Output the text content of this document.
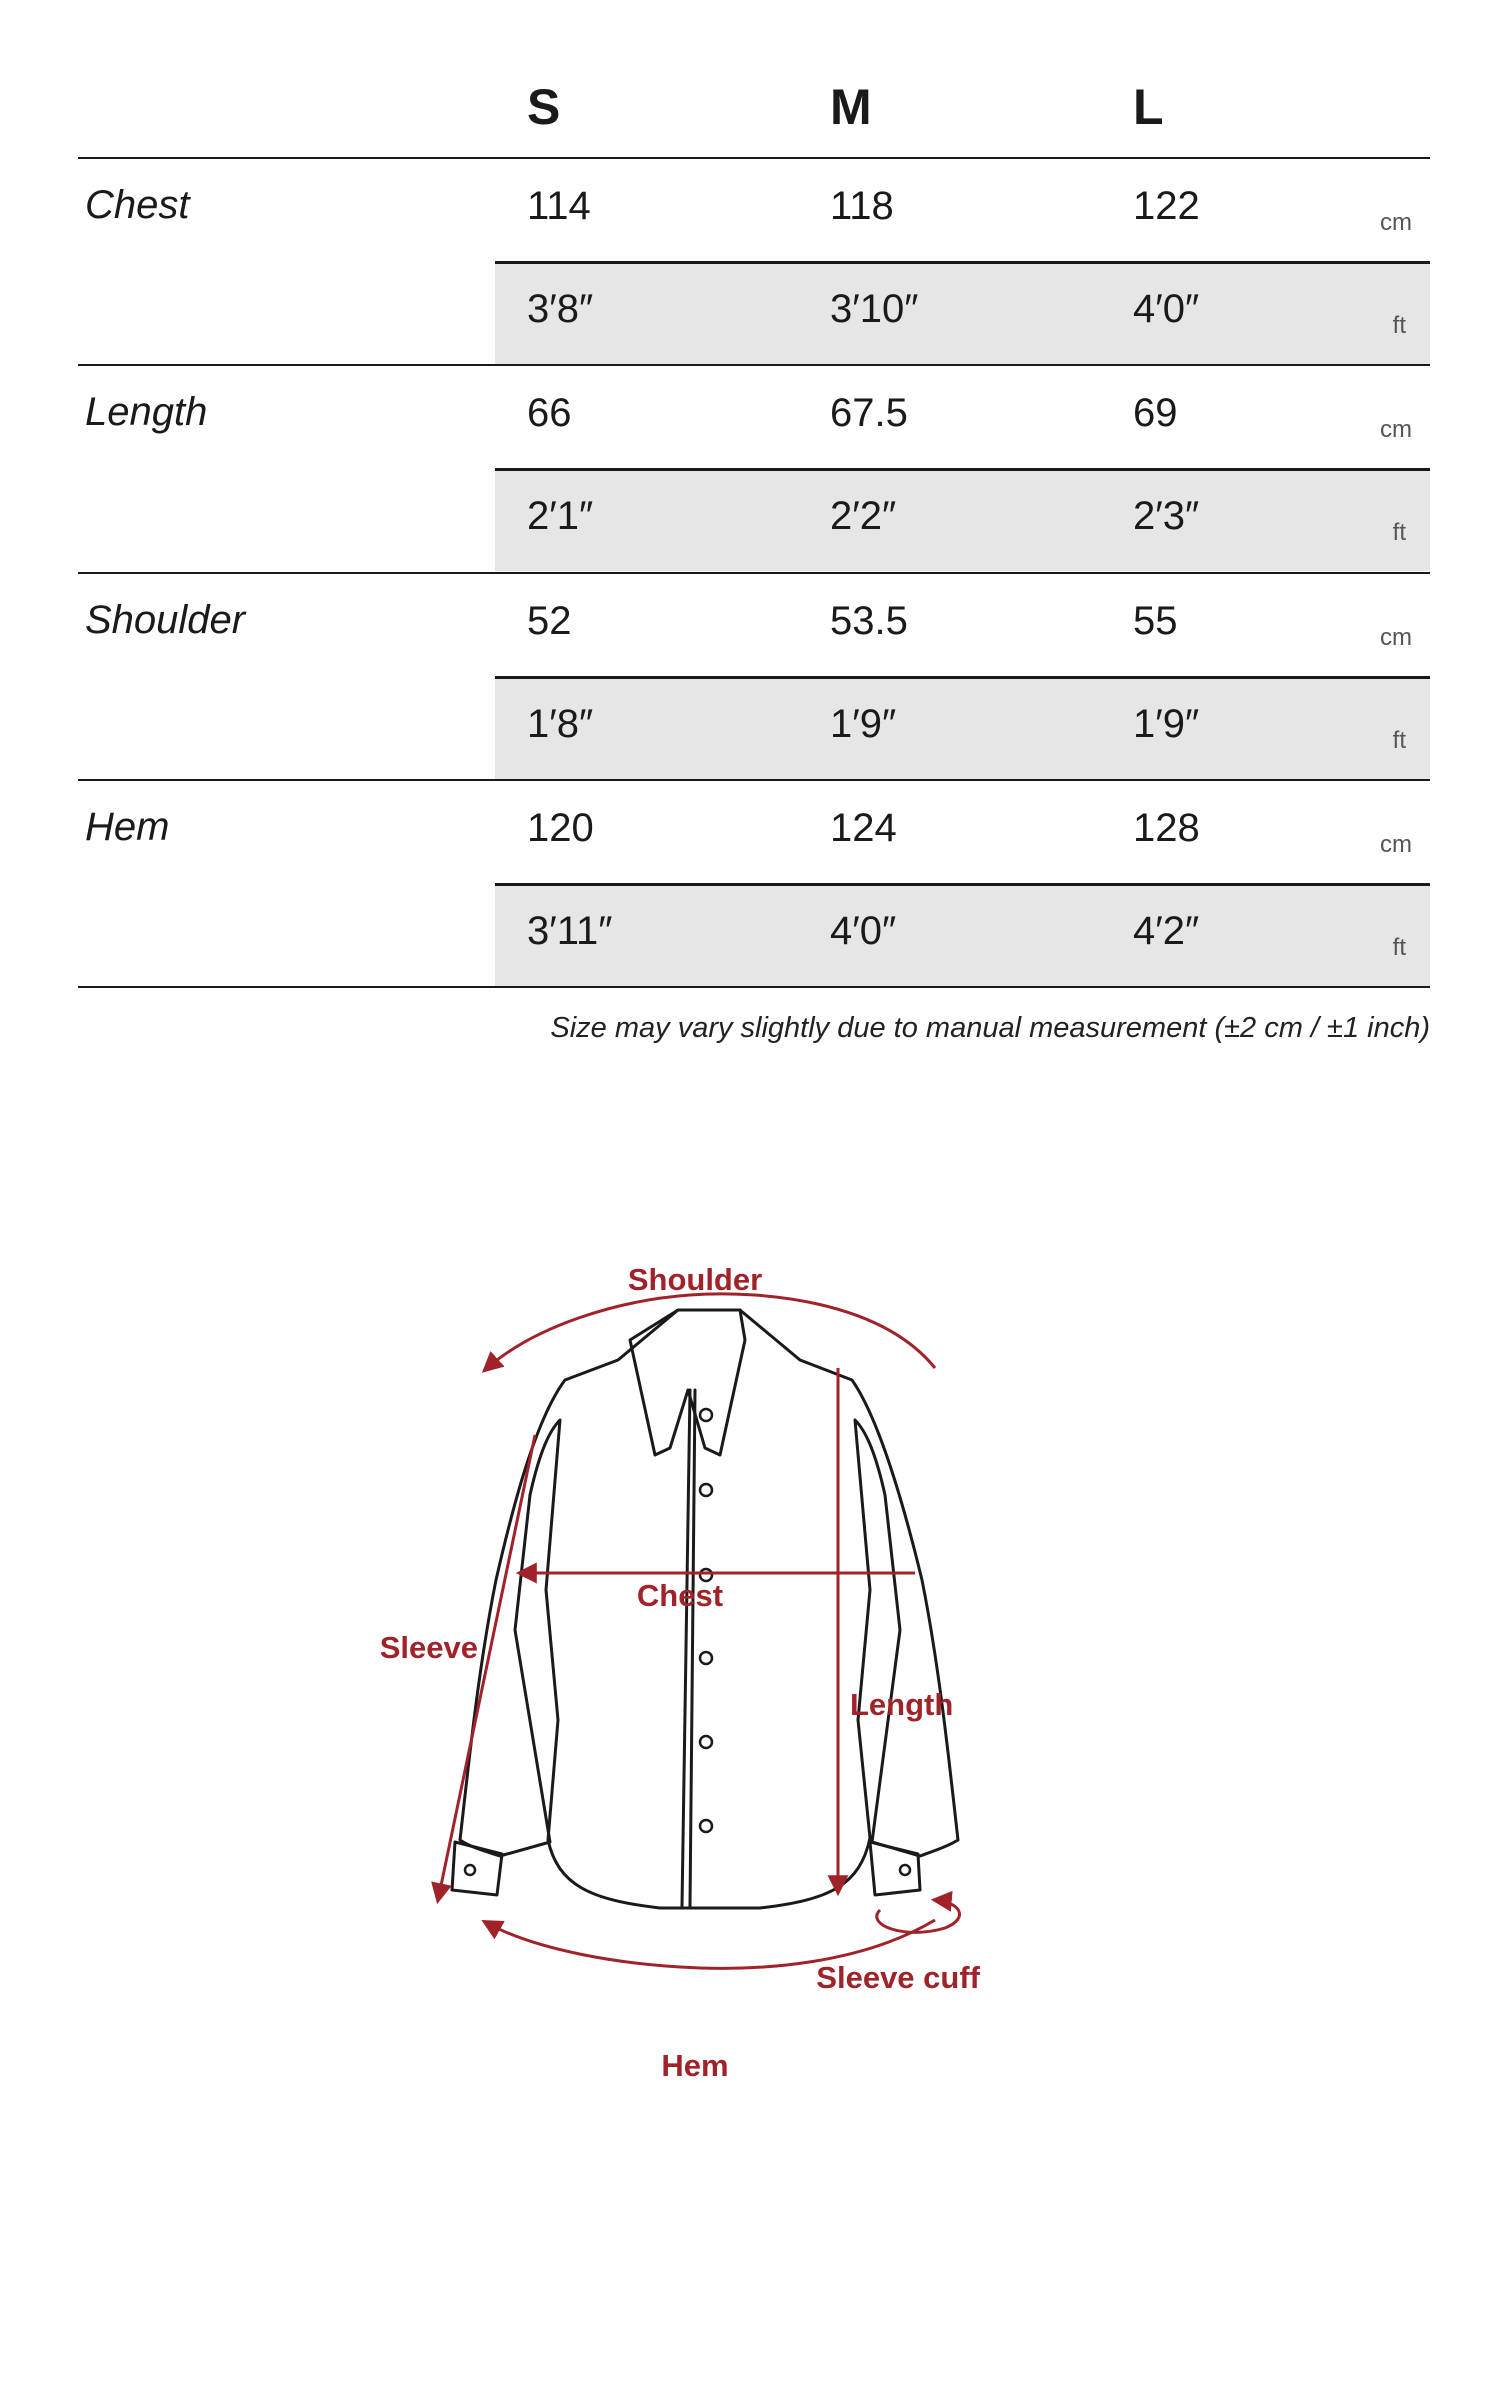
S	M	L
Chest	114	118	122	cm
3′8″	3′10″	4′0″	ft
Length	66	67.5	69	cm
2′1″	2′2″	2′3″	ft
Shoulder	52	53.5	55	cm
1′8″	1′9″	1′9″	ft
Hem	120	124	128	cm
3′11″	4′0″	4′2″	ft
Size may vary slightly due to manual measurement (±2 cm / ±1 inch)
Shoulder
Chest
Sleeve
Length
Sleeve cuff
Hem
